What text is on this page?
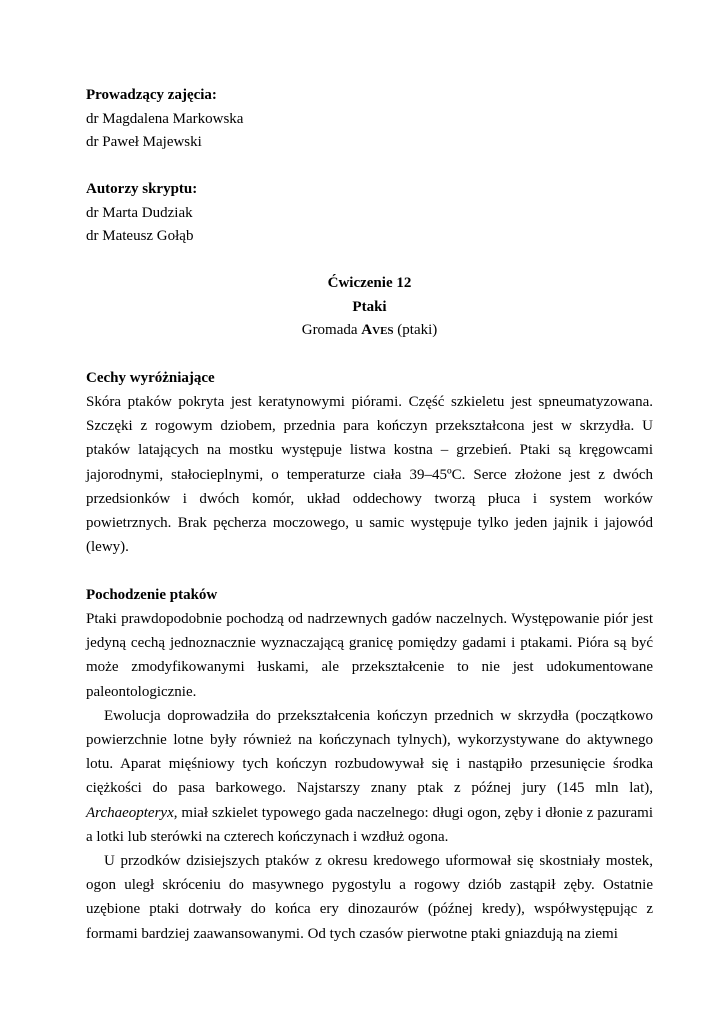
Prowadzący zajęcia:
dr Magdalena Markowska
dr Paweł Majewski
Autorzy skryptu:
dr Marta Dudziak
dr Mateusz Gołąb
Ćwiczenie 12
Ptaki
Gromada Aves (ptaki)
Cechy wyróżniające

Skóra ptaków pokryta jest keratynowymi piórami. Część szkieletu jest spneumatyzowana. Szczęki z rogowym dziobem, przednia para kończyn przekształcona jest w skrzydła. U ptaków latających na mostku występuje listwa kostna – grzebień. Ptaki są kręgowcami jajorodnymi, stałocieplnymi, o temperaturze ciała 39–45ºC. Serce złożone jest z dwóch przedsionków i dwóch komór, układ oddechowy tworzą płuca i system worków powietrznych. Brak pęcherza moczowego, u samic występuje tylko jeden jajnik i jajowód (lewy).

Pochodzenie ptaków

Ptaki prawdopodobnie pochodzą od nadrzewnych gadów naczelnych. Występowanie piór jest jedyną cechą jednoznacznie wyznaczającą granicę pomiędzy gadami i ptakami. Pióra są być może zmodyfikowanymi łuskami, ale przekształcenie to nie jest udokumentowane paleontologicznie.

Ewolucja doprowadziła do przekształcenia kończyn przednich w skrzydła (początkowo powierzchnie lotne były również na kończynach tylnych), wykorzystywane do aktywnego lotu. Aparat mięśniowy tych kończyn rozbudowywał się i nastąpiło przesunięcie środka ciężkości do pasa barkowego. Najstarszy znany ptak z późnej jury (145 mln lat), Archaeopteryx, miał szkielet typowego gada naczelnego: długi ogon, zęby i dłonie z pazurami a lotki lub sterówki na czterech kończynach i wzdłuż ogona.

U przodków dzisiejszych ptaków z okresu kredowego uformował się skostniały mostek, ogon uległ skróceniu do masywnego pygostylu a rogowy dziób zastąpił zęby. Ostatnie uzębione ptaki dotrwały do końca ery dinozaurów (późnej kredy), współwystępując z formami bardziej zaawansowanymi. Od tych czasów pierwotne ptaki gniazdują na ziemi
